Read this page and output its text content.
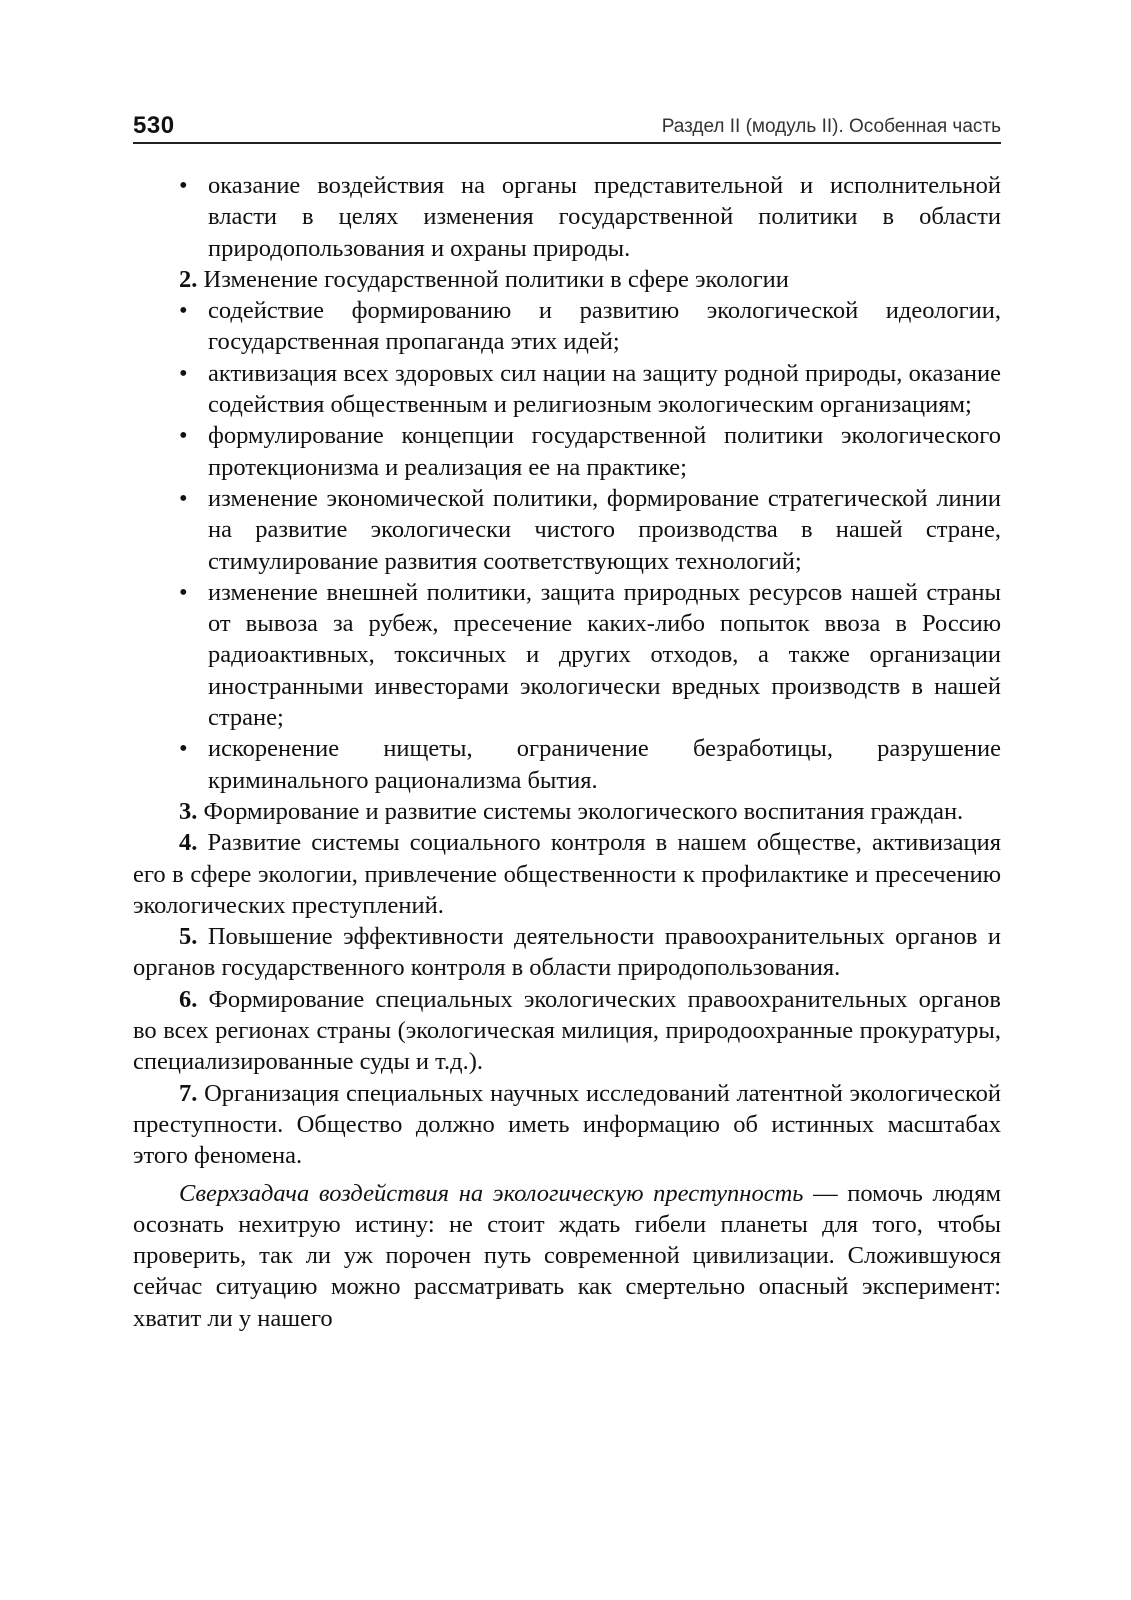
530	Раздел II (модуль II). Особенная часть
• оказание воздействия на органы представительной и исполнительной власти в целях изменения государственной политики в области природопользования и охраны природы.

2. Изменение государственной политики в сфере экологии

• содействие формированию и развитию экологической идеологии, государственная пропаганда этих идей;
• активизация всех здоровых сил нации на защиту родной природы, оказание содействия общественным и религиозным экологическим организациям;
• формулирование концепции государственной политики экологического протекционизма и реализация ее на практике;
• изменение экономической политики, формирование стратегической линии на развитие экологически чистого производства в нашей стране, стимулирование развития соответствующих технологий;
• изменение внешней политики, защита природных ресурсов нашей страны от вывоза за рубеж, пресечение каких-либо попыток ввоза в Россию радиоактивных, токсичных и других отходов, а также организации иностранными инвесторами экологически вредных производств в нашей стране;
• искоренение нищеты, ограничение безработицы, разрушение криминального рационализма бытия.

3. Формирование и развитие системы экологического воспитания граждан.

4. Развитие системы социального контроля в нашем обществе, активизация его в сфере экологии, привлечение общественности к профилактике и пресечению экологических преступлений.

5. Повышение эффективности деятельности правоохранительных органов и органов государственного контроля в области природопользования.

6. Формирование специальных экологических правоохранительных органов во всех регионах страны (экологическая милиция, природоохранные прокуратуры, специализированные суды и т.д.).

7. Организация специальных научных исследований латентной экологической преступности. Общество должно иметь информацию об истинных масштабах этого феномена.

Сверхзадача воздействия на экологическую преступность — помочь людям осознать нехитрую истину: не стоит ждать гибели планеты для того, чтобы проверить, так ли уж порочен путь современной цивилизации. Сложившуюся сейчас ситуацию можно рассматривать как смертельно опасный эксперимент: хватит ли у нашего
